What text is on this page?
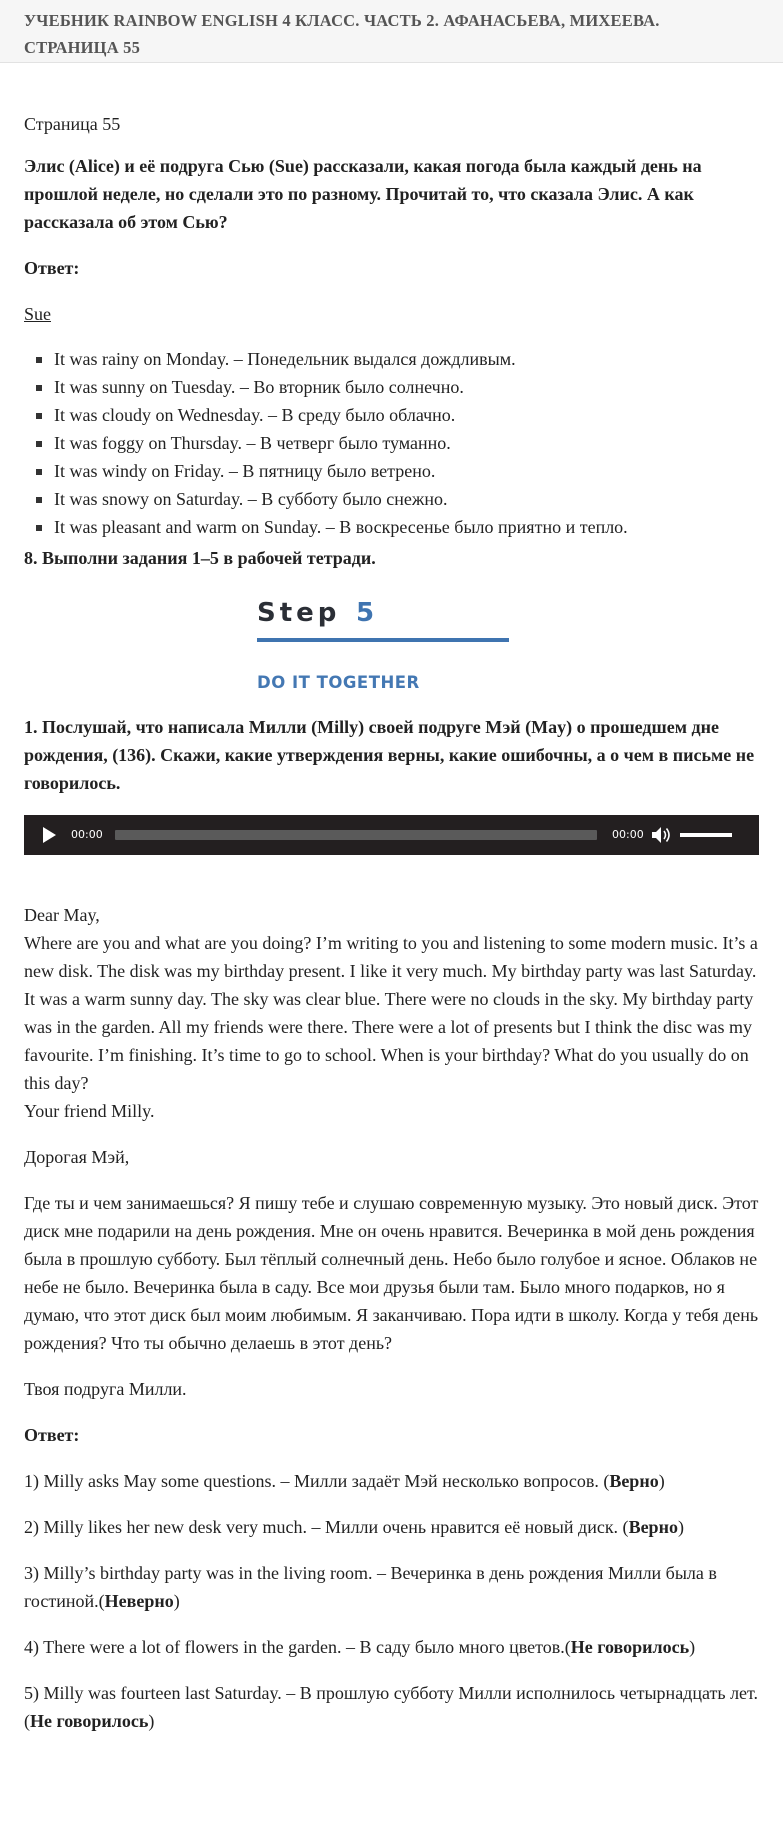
УЧЕБНИК RAINBOW ENGLISH 4 КЛАСС. ЧАСТЬ 2. АФАНАСЬЕВА, МИХЕЕВА.
СТРАНИЦА 55

Страница 55

Элис (Alice) и её подруга Сью (Sue) рассказали, какая погода была каждый день на прошлой неделе, но сделали это по разному. Прочитай то, что сказала Элис. А как рассказала об этом Сью?

Ответ:

Sue

It was rainy on Monday. – Понедельник выдался дождливым.
It was sunny on Tuesday. – Во вторник было солнечно.
It was cloudy on Wednesday. – В среду было облачно.
It was foggy on Thursday. – В четверг было туманно.
It was windy on Friday. – В пятницу было ветрено.
It was snowy on Saturday. – В субботу было снежно.
It was pleasant and warm on Sunday. – В воскресенье было приятно и тепло.

8. Выполни задания 1–5 в рабочей тетради.

Step 5
DO IT TOGETHER

1. Послушай, что написала Милли (Milly) своей подруге Мэй (May) о прошедшем дне рождения, (136). Скажи, какие утверждения верны, какие ошибочны, а о чем в письме не говорилось.

00:00	00:00

Dear May,
Where are you and what are you doing? I’m writing to you and listening to some modern music. It’s a new disk. The disk was my birthday present. I like it very much. My birthday party was last Saturday. It was a warm sunny day. The sky was clear blue. There were no clouds in the sky. My birthday party was in the garden. All my friends were there. There were a lot of presents but I think the disc was my favourite. I’m finishing. It’s time to go to school. When is your birthday? What do you usually do on this day?
Your friend Milly.

Дорогая Мэй,

Где ты и чем занимаешься? Я пишу тебе и слушаю современную музыку. Это новый диск. Этот диск мне подарили на день рождения. Мне он очень нравится. Вечеринка в мой день рождения была в прошлую субботу. Был тёплый солнечный день. Небо было голубое и ясное. Облаков не небе не было. Вечеринка была в саду. Все мои друзья были там. Было много подарков, но я думаю, что этот диск был моим любимым. Я заканчиваю. Пора идти в школу. Когда у тебя день рождения? Что ты обычно делаешь в этот день?

Твоя подруга Милли.

Ответ:

1) Milly asks May some questions. – Милли задаёт Мэй несколько вопросов. (Верно)

2) Milly likes her new desk very much. – Милли очень нравится её новый диск. (Верно)

3) Milly’s birthday party was in the living room. – Вечеринка в день рождения Милли была в гостиной.(Неверно)

4) There were a lot of flowers in the garden. – В саду было много цветов.(Не говорилось)

5) Milly was fourteen last Saturday. – В прошлую субботу Милли исполнилось четырнадцать лет.(Не говорилось)
